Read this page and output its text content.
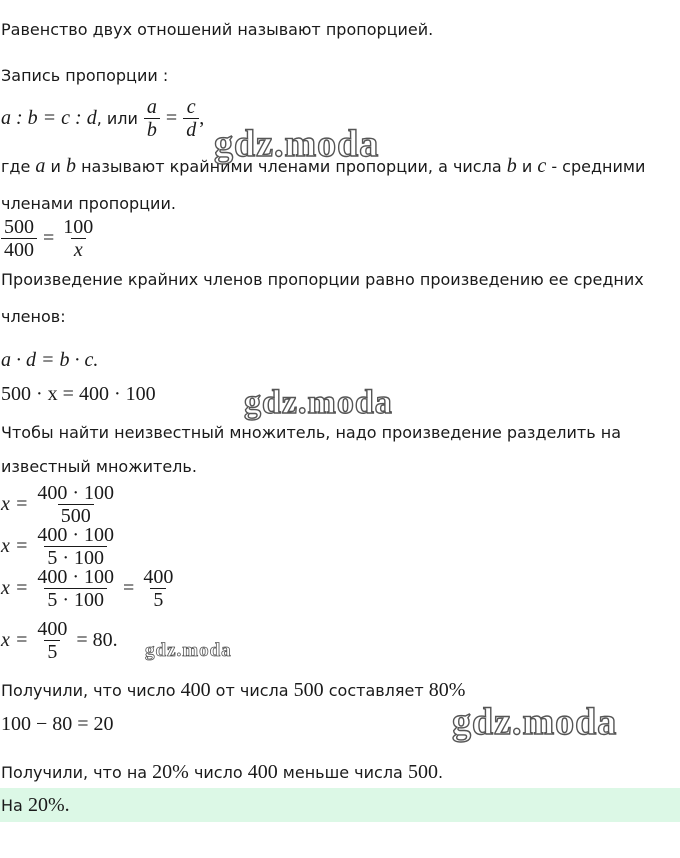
Равенство двух отношений называют пропорцией.
Запись пропорции :
a : b = c : d , или $\frac{a}{b} = \frac{c}{d}$ ,
где a и b называют крайними членами пропорции, а числа b и c - средними
членами пропорции.
$\frac{500}{400} = \frac{100}{x}$
Произведение крайних членов пропорции равно произведению ее средних
членов:
a · d = b · c.
500 · x = 400 · 100
Чтобы найти неизвестный множитель, надо произведение разделить на
известный множитель.
$x = \frac{400 \cdot 100}{500}$
$x = \frac{400 \cdot 100}{5 \cdot 100}$
$x = \frac{400 \cdot 100}{5 \cdot 100} = \frac{400}{5}$
$x = \frac{400}{5} = 80$.
Получили, что число 400 от числа 500 составляет 80%
100 − 80 = 20
Получили, что на 20% число 400 меньше числа 500.
На 20%.
gdz.moda
gdz.moda
gdz.moda
gdz.moda
